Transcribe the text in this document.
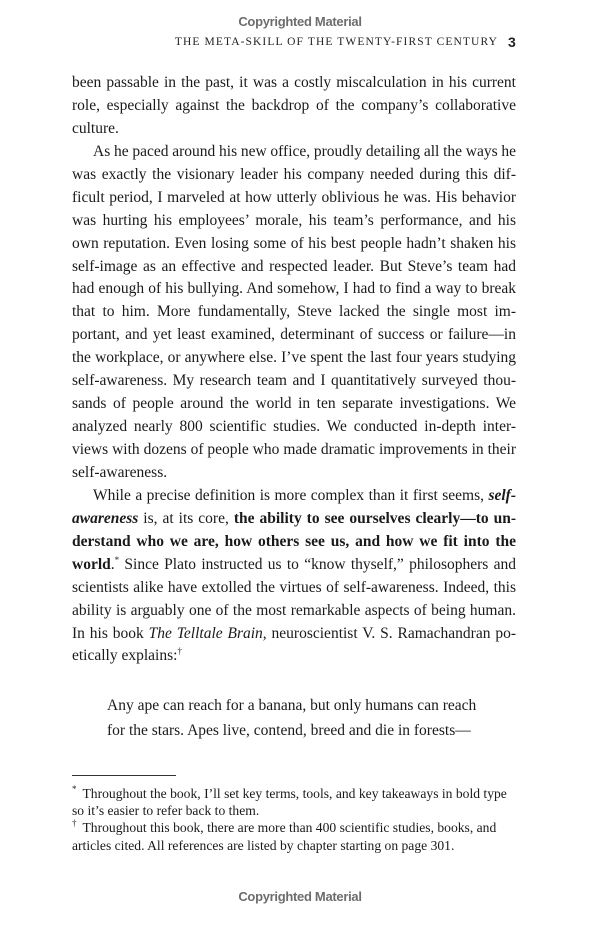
Copyrighted Material
THE META-SKILL OF THE TWENTY-FIRST CENTURY 3
been passable in the past, it was a costly miscalculation in his current
role, especially against the backdrop of the company’s collaborative
culture.
As he paced around his new office, proudly detailing all the ways he
was exactly the visionary leader his company needed during this dif-
ficult period, I marveled at how utterly oblivious he was. His behavior
was hurting his employees’ morale, his team’s performance, and his
own reputation. Even losing some of his best people hadn’t shaken his
self-image as an effective and respected leader. But Steve’s team had
had enough of his bullying. And somehow, I had to find a way to break
that to him. More fundamentally, Steve lacked the single most im-
portant, and yet least examined, determinant of success or failure—in
the workplace, or anywhere else. I’ve spent the last four years studying
self-awareness. My research team and I quantitatively surveyed thou-
sands of people around the world in ten separate investigations. We
analyzed nearly 800 scientific studies. We conducted in-depth inter-
views with dozens of people who made dramatic improvements in their
self-awareness.
While a precise definition is more complex than it first seems, self-
awareness is, at its core, the ability to see ourselves clearly—to un-
derstand who we are, how others see us, and how we fit into the
world.* Since Plato instructed us to “know thyself,” philosophers and
scientists alike have extolled the virtues of self-awareness. Indeed, this
ability is arguably one of the most remarkable aspects of being human.
In his book The Telltale Brain, neuroscientist V. S. Ramachandran po-
etically explains:†
Any ape can reach for a banana, but only humans can reach
for the stars. Apes live, contend, breed and die in forests—
* Throughout the book, I’ll set key terms, tools, and key takeaways in bold type
so it’s easier to refer back to them.
† Throughout this book, there are more than 400 scientific studies, books, and
articles cited. All references are listed by chapter starting on page 301.
Copyrighted Material
